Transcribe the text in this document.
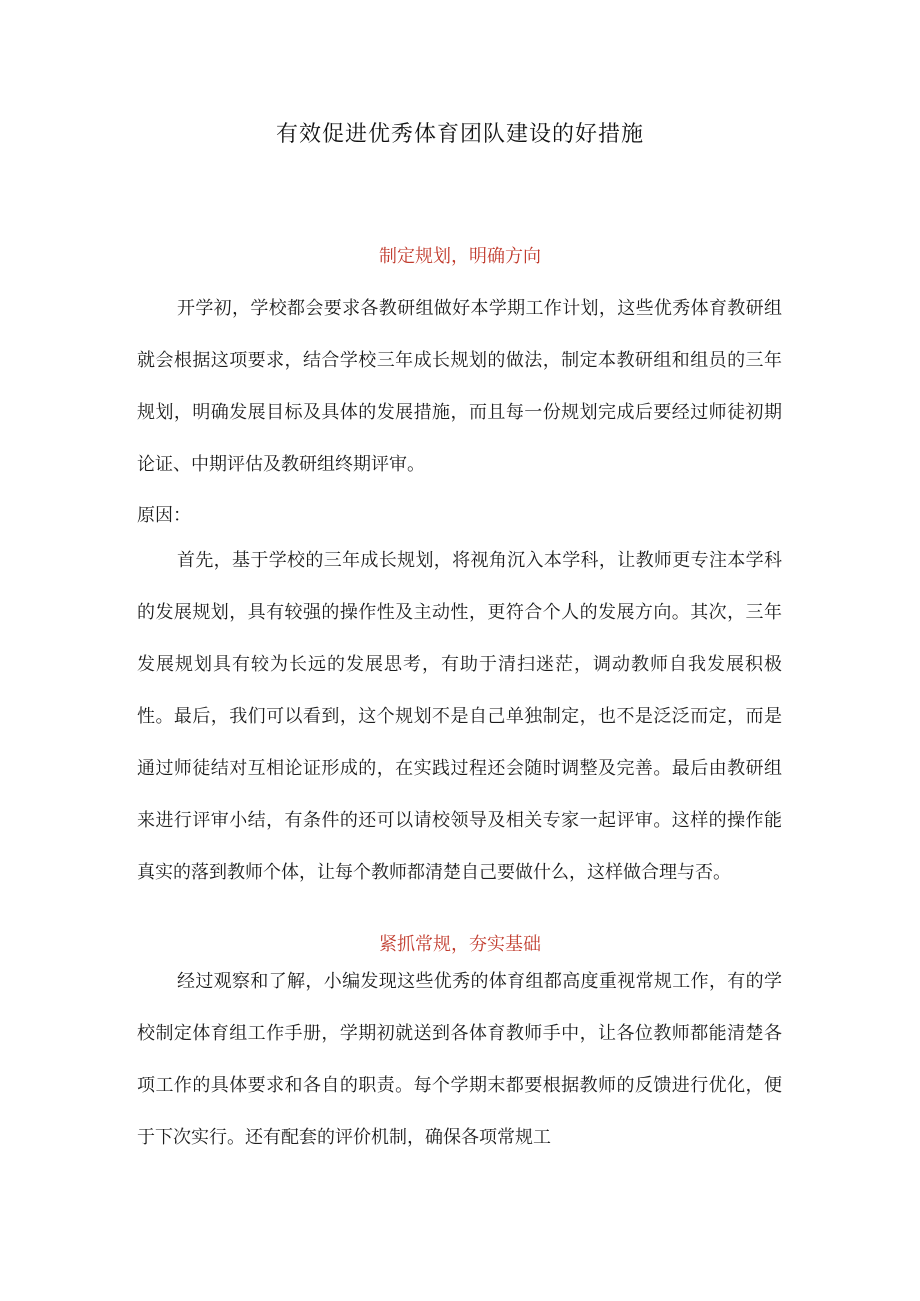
有效促进优秀体育团队建设的好措施
制定规划，明确方向

开学初，学校都会要求各教研组做好本学期工作计划，这些优秀体育教研组就会根据这项要求，结合学校三年成长规划的做法，制定本教研组和组员的三年规划，明确发展目标及具体的发展措施，而且每一份规划完成后要经过师徒初期论证、中期评估及教研组终期评审。

原因：

首先，基于学校的三年成长规划，将视角沉入本学科，让教师更专注本学科的发展规划，具有较强的操作性及主动性，更符合个人的发展方向。其次，三年发展规划具有较为长远的发展思考，有助于清扫迷茫，调动教师自我发展积极性。最后，我们可以看到，这个规划不是自己单独制定，也不是泛泛而定，而是通过师徒结对互相论证形成的，在实践过程还会随时调整及完善。最后由教研组来进行评审小结，有条件的还可以请校领导及相关专家一起评审。这样的操作能真实的落到教师个体，让每个教师都清楚自己要做什么，这样做合理与否。

紧抓常规，夯实基础

经过观察和了解，小编发现这些优秀的体育组都高度重视常规工作，有的学校制定体育组工作手册，学期初就送到各体育教师手中，让各位教师都能清楚各项工作的具体要求和各自的职责。每个学期末都要根据教师的反馈进行优化，便于下次实行。还有配套的评价机制，确保各项常规工
